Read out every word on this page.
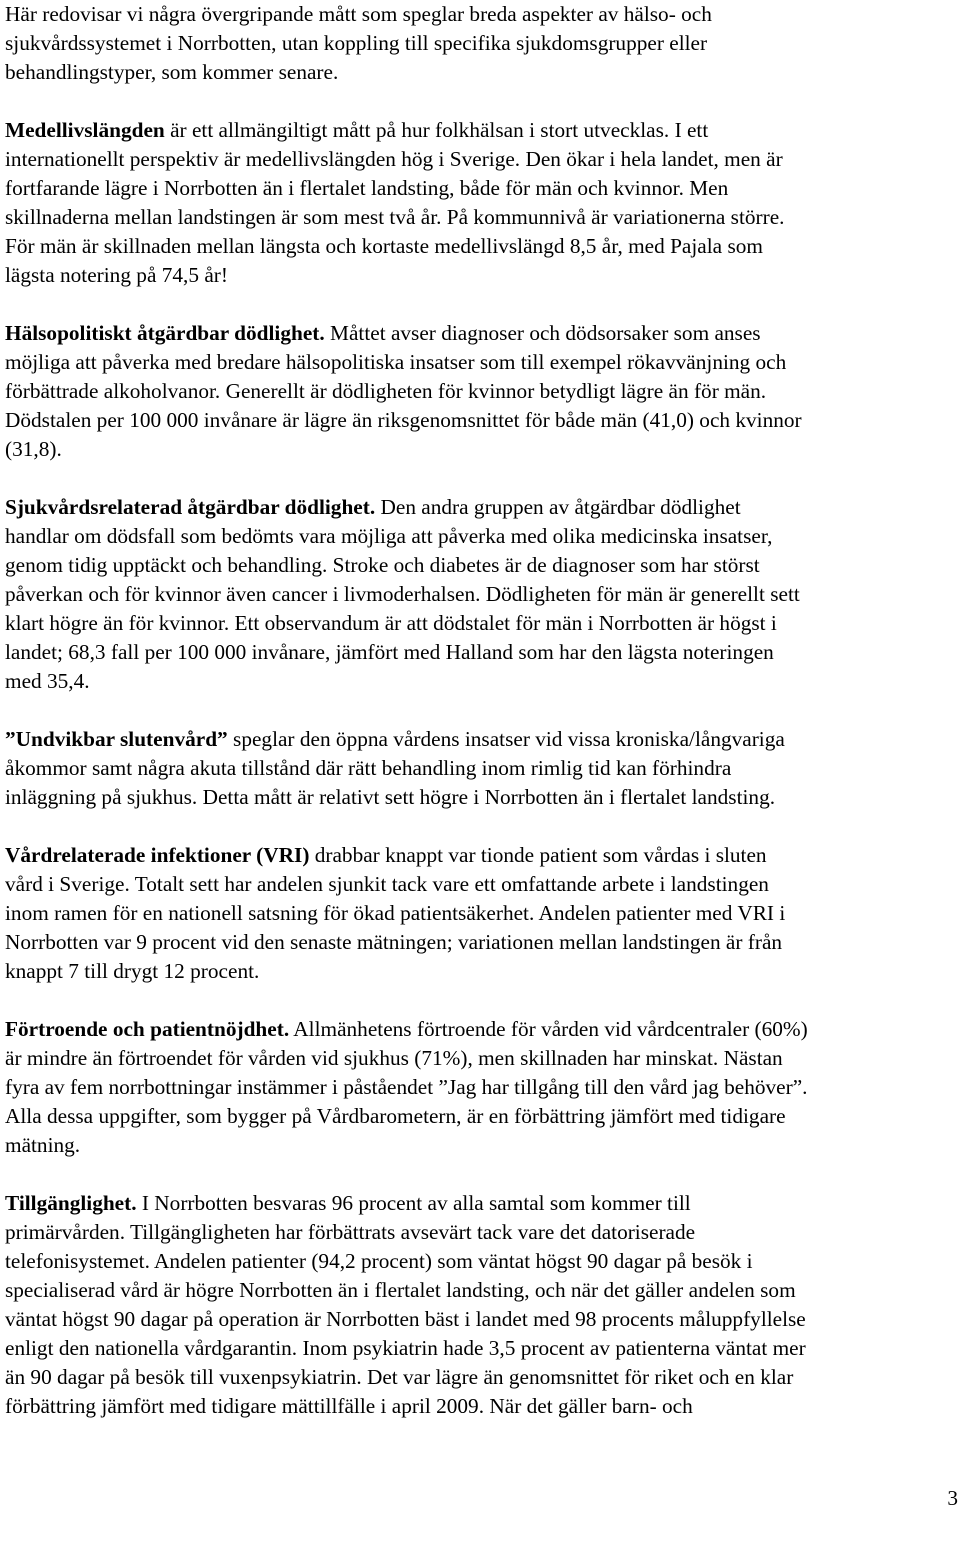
Här redovisar vi några övergripande mått som speglar breda aspekter av hälso- och
sjukvårdssystemet i Norrbotten, utan koppling till specifika sjukdomsgrupper eller
behandlingstyper, som kommer senare.
Medellivslängden är ett allmängiltigt mått på hur folkhälsan i stort utvecklas. I ett
internationellt perspektiv är medellivslängden hög i Sverige. Den ökar i hela landet, men är
fortfarande lägre i Norrbotten än i flertalet landsting, både för män och kvinnor. Men
skillnaderna mellan landstingen är som mest två år. På kommunnivå är variationerna större.
För män är skillnaden mellan längsta och kortaste medellivslängd 8,5 år, med Pajala som
lägsta notering på 74,5 år!
Hälsopolitiskt åtgärdbar dödlighet. Måttet avser diagnoser och dödsorsaker som anses
möjliga att påverka med bredare hälsopolitiska insatser som till exempel rökavvänjning och
förbättrade alkoholvanor. Generellt är dödligheten för kvinnor betydligt lägre än för män.
Dödstalen per 100 000 invånare är lägre än riksgenomsnittet för både män (41,0) och kvinnor
(31,8).
Sjukvårdsrelaterad åtgärdbar dödlighet. Den andra gruppen av åtgärdbar dödlighet
handlar om dödsfall som bedömts vara möjliga att påverka med olika medicinska insatser,
genom tidig upptäckt och behandling. Stroke och diabetes är de diagnoser som har störst
påverkan och för kvinnor även cancer i livmoderhalsen. Dödligheten för män är generellt sett
klart högre än för kvinnor. Ett observandum är att dödstalet för män i Norrbotten är högst i
landet; 68,3 fall per 100 000 invånare, jämfört med Halland som har den lägsta noteringen
med 35,4.
”Undvikbar slutenvård” speglar den öppna vårdens insatser vid vissa kroniska/långvariga
åkommor samt några akuta tillstånd där rätt behandling inom rimlig tid kan förhindra
inläggning på sjukhus. Detta mått är relativt sett högre i Norrbotten än i flertalet landsting.
Vårdrelaterade infektioner (VRI) drabbar knappt var tionde patient som vårdas i sluten
vård i Sverige. Totalt sett har andelen sjunkit tack vare ett omfattande arbete i landstingen
inom ramen för en nationell satsning för ökad patientsäkerhet. Andelen patienter med VRI i
Norrbotten var 9 procent vid den senaste mätningen; variationen mellan landstingen är från
knappt 7 till drygt 12 procent.
Förtroende och patientnöjdhet. Allmänhetens förtroende för vården vid vårdcentraler (60%)
är mindre än förtroendet för vården vid sjukhus (71%), men skillnaden har minskat. Nästan
fyra av fem norrbottningar instämmer i påståendet ”Jag har tillgång till den vård jag behöver”.
Alla dessa uppgifter, som bygger på Vårdbarometern, är en förbättring jämfört med tidigare
mätning.
Tillgänglighet. I Norrbotten besvaras 96 procent av alla samtal som kommer till
primärvården. Tillgängligheten har förbättrats avsevärt tack vare det datoriserade
telefonisystemet. Andelen patienter (94,2 procent) som väntat högst 90 dagar på besök i
specialiserad vård är högre Norrbotten än i flertalet landsting, och när det gäller andelen som
väntat högst 90 dagar på operation är Norrbotten bäst i landet med 98 procents måluppfyllelse
enligt den nationella vårdgarantin. Inom psykiatrin hade 3,5 procent av patienterna väntat mer
än 90 dagar på besök till vuxenpsykiatrin. Det var lägre än genomsnittet för riket och en klar
förbättring jämfört med tidigare mättillfälle i april 2009. När det gäller barn- och
3
